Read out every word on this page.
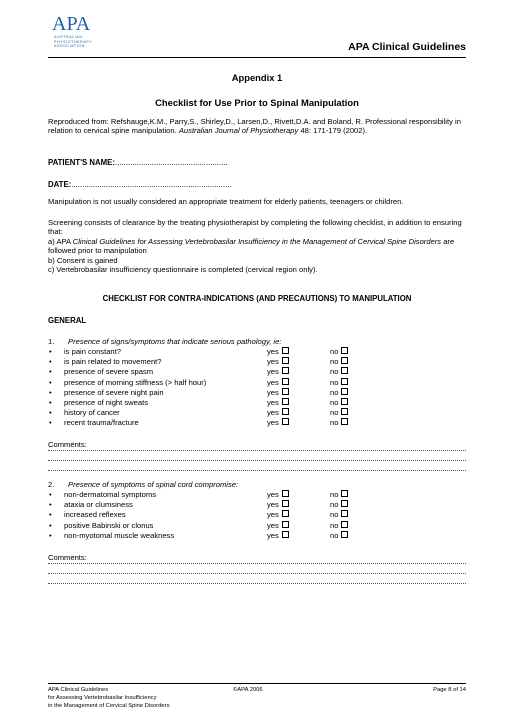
APA
AUSTRALIAN
PHYSIOTHERAPY
ASSOCIATION	APA Clinical Guidelines
Appendix 1
Checklist for Use Prior to Spinal Manipulation
Reproduced from: Refshauge,K.M., Parry,S., Shirley,D., Larsen,D., Rivett,D.A. and Boland, R. Professional responsibility in relation to cervical spine manipulation. Australian Journal of Physiotherapy 48: 171-179 (2002).
PATIENT'S NAME:....................................................
DATE:..........................................................................
Manipulation is not usually considered an appropriate treatment for elderly patients, teenagers or children.
Screening consists of clearance by the treating physiotherapist by completing the following checklist, in addition to ensuring that:
a) APA Clinical Guidelines for Assessing Vertebrobasilar Insufficiency in the Management of Cervical Spine Disorders are followed prior to manipulation
b) Consent is gained
c) Vertebrobasilar insufficiency questionnaire is completed (cervical region only).
CHECKLIST FOR CONTRA-INDICATIONS (AND PRECAUTIONS) TO MANIPULATION
GENERAL
1. Presence of signs/symptoms that indicate serious pathology, ie:
• is pain constant?	yes	no
• is pain related to movement?	yes	no
• presence of severe spasm	yes	no
• presence of morning stiffness (> half hour)	yes	no
• presence of severe night pain	yes	no
• presence of night sweats	yes	no
• history of cancer	yes	no
• recent trauma/fracture	yes	no
Comments:
2. Presence of symptoms of spinal cord compromise:
• non-dermatomal symptoms	yes	no
• ataxia or clumsiness	yes	no
• increased reflexes	yes	no
• positive Babinski or clonus	yes	no
• non-myotomal muscle weakness	yes	no
Comments:
APA Clinical Guidelines
for Assessing Vertebrobasilar Insufficiency
in the Management of Cervical Spine Disorders
©APA 2006	Page 8 of 14
